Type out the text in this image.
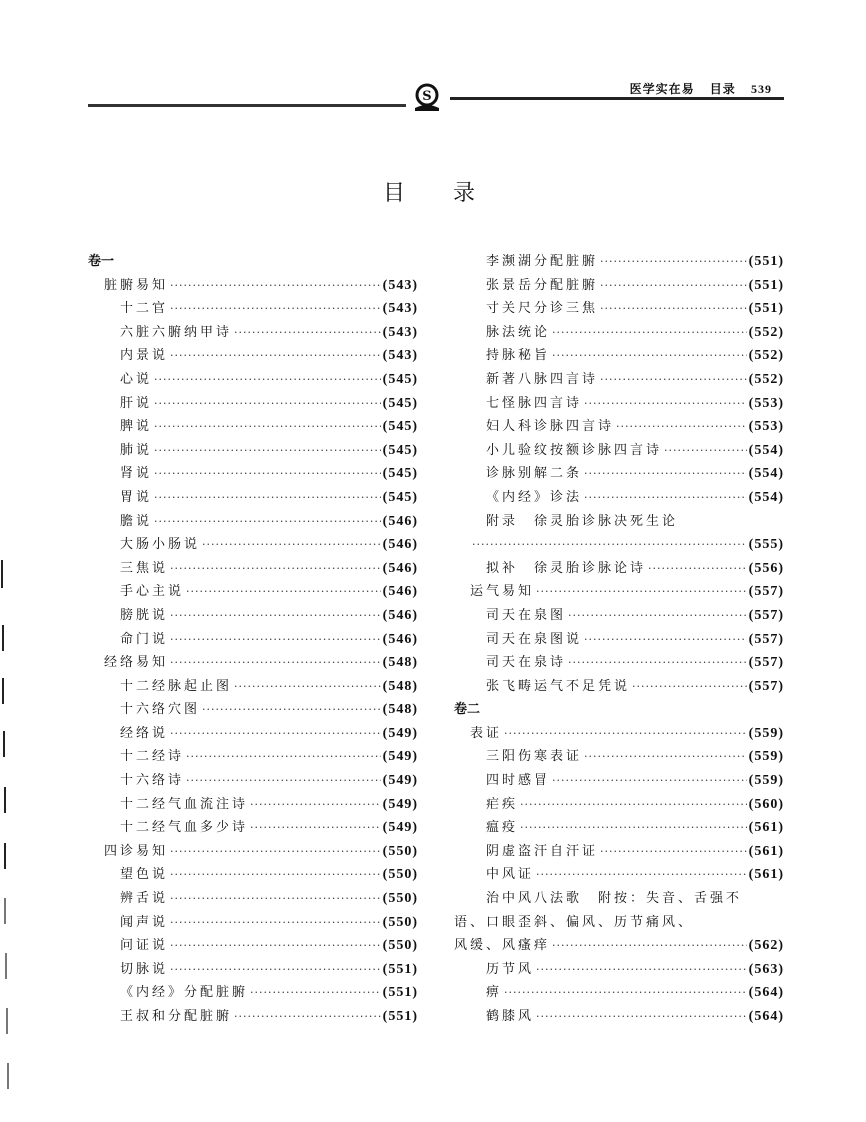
S	医学实在易 目录 539
目录
卷一
脏腑易知 ·····	(543)
十二官 ·····	(543)
六脏六腑纳甲诗 ·····	(543)
内景说 ·····	(543)
心说 ·····	(545)
肝说 ·····	(545)
脾说 ·····	(545)
肺说 ·····	(545)
肾说 ·····	(545)
胃说 ·····	(545)
膽说 ·····	(546)
大肠小肠说 ·····	(546)
三焦说 ·····	(546)
手心主说 ·····	(546)
膀胱说 ·····	(546)
命门说 ·····	(546)
经络易知 ·····	(548)
十二经脉起止图 ·····	(548)
十六络穴图 ·····	(548)
经络说 ·····	(549)
十二经诗 ·····	(549)
十六络诗 ·····	(549)
十二经气血流注诗 ·····	(549)
十二经气血多少诗 ·····	(549)
四诊易知 ·····	(550)
望色说 ·····	(550)
辨舌说 ·····	(550)
闻声说 ·····	(550)
问证说 ·····	(550)
切脉说 ·····	(551)
《内经》分配脏腑 ·····	(551)
王叔和分配脏腑 ·····	(551)
李濒湖分配脏腑 ·····	(551)
张景岳分配脏腑 ·····	(551)
寸关尺分诊三焦 ·····	(551)
脉法统论 ·····	(552)
持脉秘旨 ·····	(552)
新著八脉四言诗 ·····	(552)
七怪脉四言诗 ·····	(553)
妇人科诊脉四言诗 ·····	(553)
小儿验纹按额诊脉四言诗 ·····	(554)
诊脉别解二条 ·····	(554)
《内经》诊法 ·····	(554)
附录　徐灵胎诊脉决死生论
·····
(555)
拟补　徐灵胎诊脉论诗 ·····	(556)
运气易知 ·····	(557)
司天在泉图 ·····	(557)
司天在泉图说 ·····	(557)
司天在泉诗 ·····	(557)
张飞畴运气不足凭说 ·····	(557)
卷二
表证 ·····	(559)
三阳伤寒表证 ·····	(559)
四时感冒 ·····	(559)
疟疾 ·····	(560)
瘟疫 ·····	(561)
阴虚盗汗自汗证 ·····	(561)
中风证 ·····	(561)
治中风八法歌　附按：失音、舌强不
语、口眼歪斜、偏风、历节痛风、
风缓、风瘙痒 ·····	(562)
历节风 ·····	(563)
痹 ·····	(564)
鹤膝风 ·····	(564)
